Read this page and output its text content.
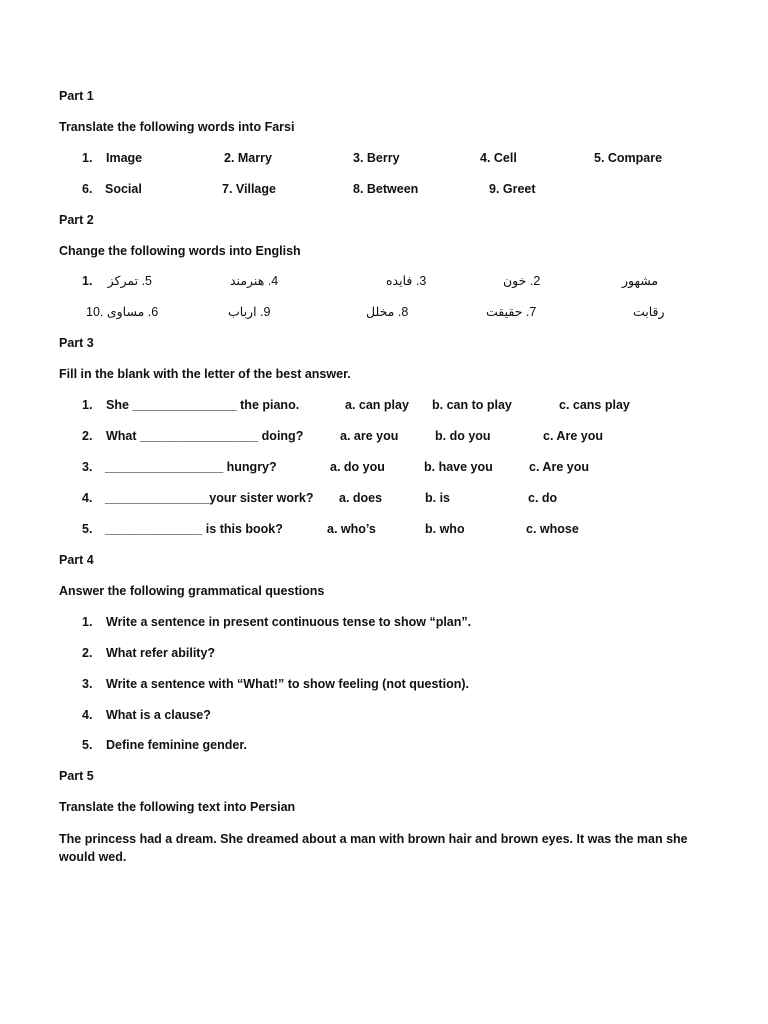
Part 1
Translate the following words into Farsi
1. Image	2. Marry	3. Berry	4. Cell	5. Compare
6. Social	7. Village	8. Between	9. Greet
Part 2
Change the following words into English
1. 5. تمرکز	4. هنرمند	3. فایده	2. خون	مشهور
6. مساوی .10	9. ارباب	8. مخلل	7. حقیقت	رقابت
Part 3
Fill in the blank with the letter of the best answer.
1. She _______________ the piano.	a. can play b. can to play	c. cans play
2. What _________________ doing?	a. are you	b. do you	c. Are you
3. _________________ hungry?	a. do you	b. have you	c. Are you
4. _______________your sister work? a. does	b. is	c. do
5. ______________ is this book?	a. who’s	b. who	c. whose
Part 4
Answer the following grammatical questions
1. Write a sentence in present continuous tense to show “plan”.
2. What refer ability?
3. Write a sentence with “What!” to show feeling (not question).
4. What is a clause?
5. Define feminine gender.
Part 5
Translate the following text into Persian
The princess had a dream. She dreamed about a man with brown hair and brown eyes. It was the man she would wed.
